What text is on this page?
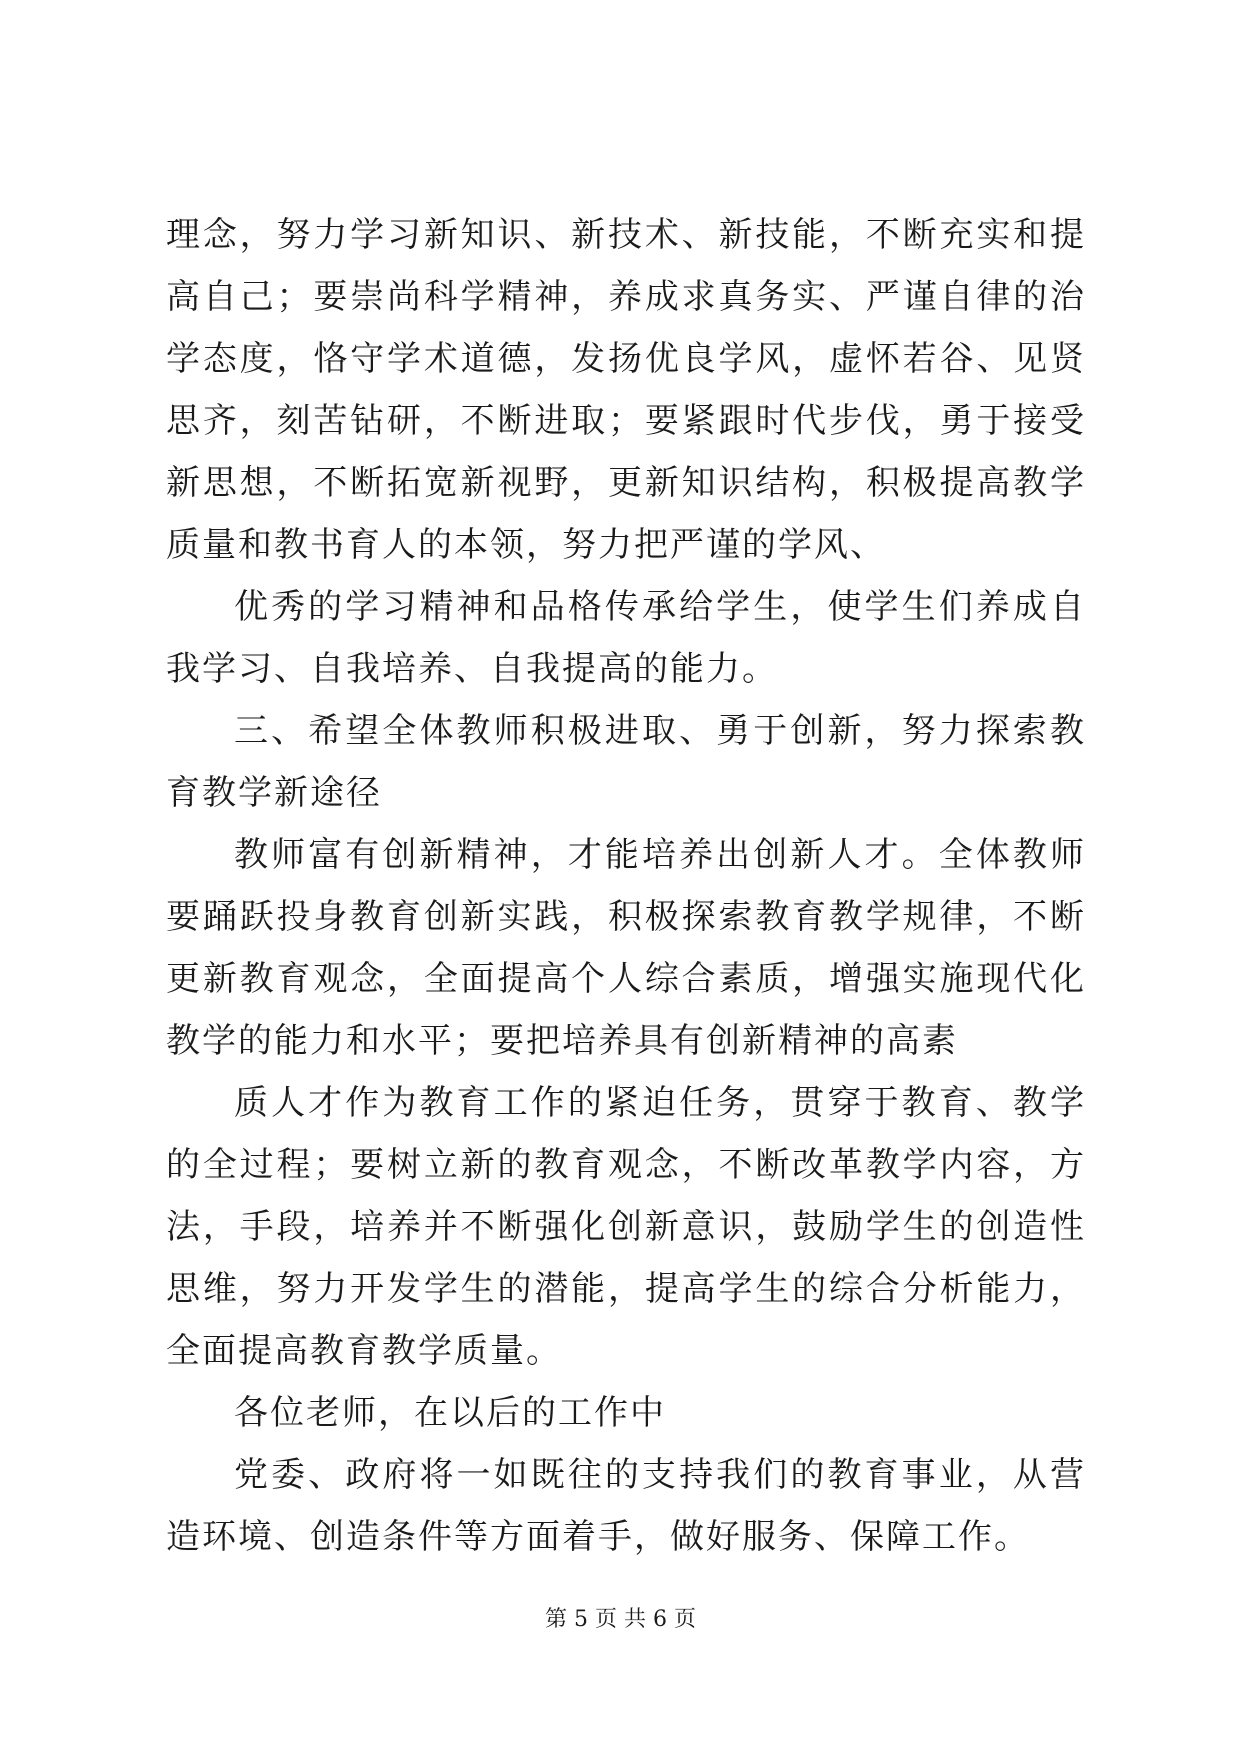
理念，努力学习新知识、新技术、新技能，不断充实和提高自己；要崇尚科学精神，养成求真务实、严谨自律的治学态度，恪守学术道德，发扬优良学风，虚怀若谷、见贤思齐，刻苦钻研，不断进取；要紧跟时代步伐，勇于接受新思想，不断拓宽新视野，更新知识结构，积极提高教学质量和教书育人的本领，努力把严谨的学风、

优秀的学习精神和品格传承给学生，使学生们养成自我学习、自我培养、自我提高的能力。

三、希望全体教师积极进取、勇于创新，努力探索教育教学新途径

教师富有创新精神，才能培养出创新人才。全体教师要踊跃投身教育创新实践，积极探索教育教学规律，不断更新教育观念，全面提高个人综合素质，增强实施现代化教学的能力和水平；要把培养具有创新精神的高素

质人才作为教育工作的紧迫任务，贯穿于教育、教学的全过程；要树立新的教育观念，不断改革教学内容，方法，手段，培养并不断强化创新意识，鼓励学生的创造性思维，努力开发学生的潜能，提高学生的综合分析能力，全面提高教育教学质量。

各位老师，在以后的工作中

党委、政府将一如既往的支持我们的教育事业，从营造环境、创造条件等方面着手，做好服务、保障工作。

第 5 页 共 6 页
